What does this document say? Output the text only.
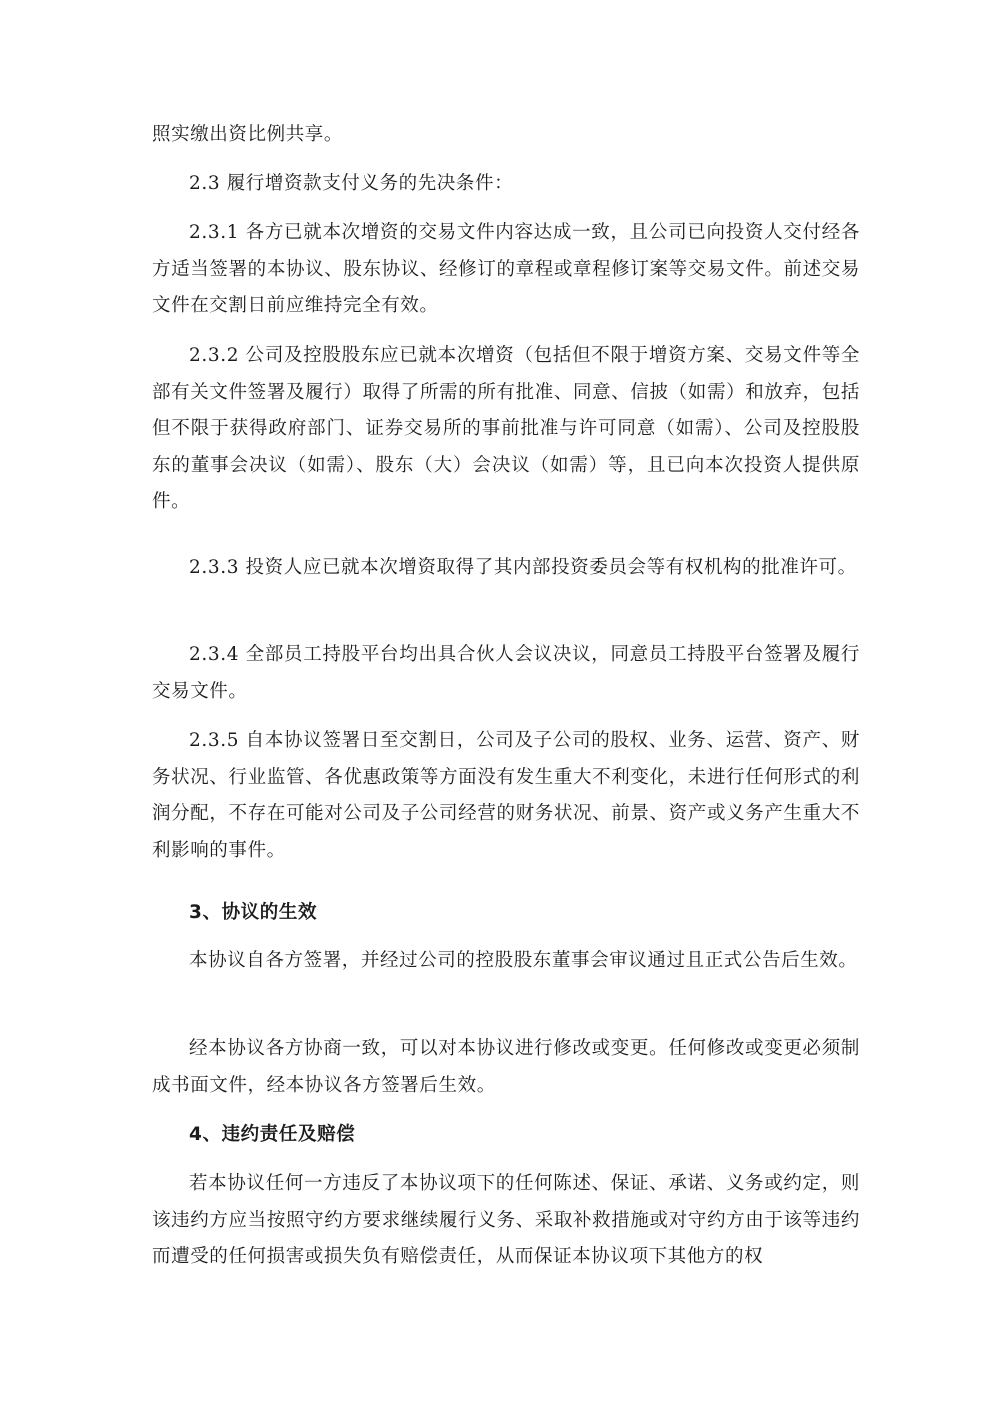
照实缴出资比例共享。

2.3 履行增资款支付义务的先决条件：

2.3.1 各方已就本次增资的交易文件内容达成一致，且公司已向投资人交付经各方适当签署的本协议、股东协议、经修订的章程或章程修订案等交易文件。前述交易文件在交割日前应维持完全有效。

2.3.2 公司及控股股东应已就本次增资（包括但不限于增资方案、交易文件等全部有关文件签署及履行）取得了所需的所有批准、同意、信披（如需）和放弃，包括但不限于获得政府部门、证券交易所的事前批准与许可同意（如需）、公司及控股股东的董事会决议（如需）、股东（大）会决议（如需）等，且已向本次投资人提供原件。

2.3.3 投资人应已就本次增资取得了其内部投资委员会等有权机构的批准许可。

2.3.4 全部员工持股平台均出具合伙人会议决议，同意员工持股平台签署及履行交易文件。

2.3.5 自本协议签署日至交割日，公司及子公司的股权、业务、运营、资产、财务状况、行业监管、各优惠政策等方面没有发生重大不利变化，未进行任何形式的利润分配，不存在可能对公司及子公司经营的财务状况、前景、资产或义务产生重大不利影响的事件。

3、协议的生效

本协议自各方签署，并经过公司的控股股东董事会审议通过且正式公告后生效。

经本协议各方协商一致，可以对本协议进行修改或变更。任何修改或变更必须制成书面文件，经本协议各方签署后生效。

4、违约责任及赔偿

若本协议任何一方违反了本协议项下的任何陈述、保证、承诺、义务或约定，则该违约方应当按照守约方要求继续履行义务、采取补救措施或对守约方由于该等违约而遭受的任何损害或损失负有赔偿责任，从而保证本协议项下其他方的权
